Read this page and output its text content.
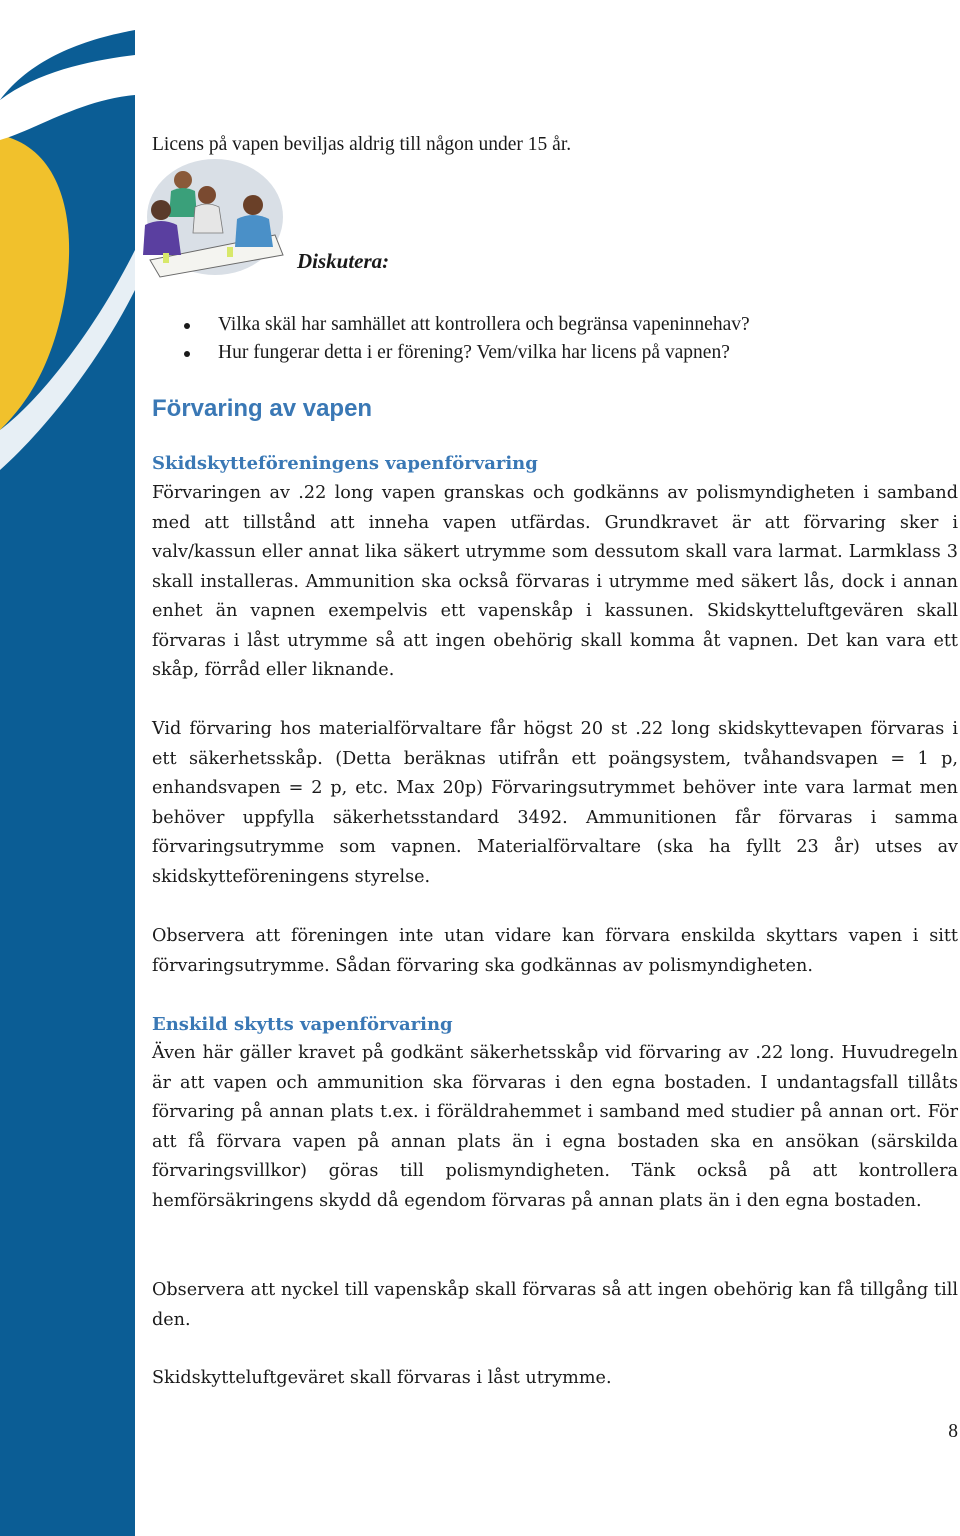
Licens på vapen beviljas aldrig till någon under 15 år.

Diskutera:

Vilka skäl har samhället att kontrollera och begränsa vapeninnehav?
Hur fungerar detta i er förening? Vem/vilka har licens på vapnen?
Förvaring av vapen
Skidskytteföreningens vapenförvaring

Förvaringen av .22 long vapen granskas och godkänns av polismyndigheten i samband med att tillstånd att inneha vapen utfärdas. Grundkravet är att förvaring sker i valv/kassun eller annat lika säkert utrymme som dessutom skall vara larmat. Larmklass 3 skall installeras. Ammunition ska också förvaras i utrymme med säkert lås, dock i annan enhet än vapnen exempelvis ett vapenskåp i kassunen. Skidskytteluftgevären skall förvaras i låst utrymme så att ingen obehörig skall komma åt vapnen. Det kan vara ett skåp, förråd eller liknande.

Vid förvaring hos materialförvaltare får högst 20 st .22 long skidskyttevapen förvaras i ett säkerhetsskåp. (Detta beräknas utifrån ett poängsystem, tvåhandsvapen = 1 p, enhandsvapen = 2 p, etc. Max 20p) Förvaringsutrymmet behöver inte vara larmat men behöver uppfylla säkerhetsstandard 3492. Ammunitionen får förvaras i samma förvaringsutrymme som vapnen. Materialförvaltare (ska ha fyllt 23 år) utses av skidskytteföreningens styrelse.

Observera att föreningen inte utan vidare kan förvara enskilda skyttars vapen i sitt förvaringsutrymme. Sådan förvaring ska godkännas av polismyndigheten.

Enskild skytts vapenförvaring

Även här gäller kravet på godkänt säkerhetsskåp vid förvaring av .22 long. Huvudregeln är att vapen och ammunition ska förvaras i den egna bostaden. I undantagsfall tillåts förvaring på annan plats t.ex. i föräldrahemmet i samband med studier på annan ort. För att få förvara vapen på annan plats än i egna bostaden ska en ansökan (särskilda förvaringsvillkor) göras till polismyndigheten. Tänk också på att kontrollera hemförsäkringens skydd då egendom förvaras på annan plats än i den egna bostaden.

Observera att nyckel till vapenskåp skall förvaras så att ingen obehörig kan få tillgång till den.

Skidskytteluftgeväret skall förvaras i låst utrymme.

8
